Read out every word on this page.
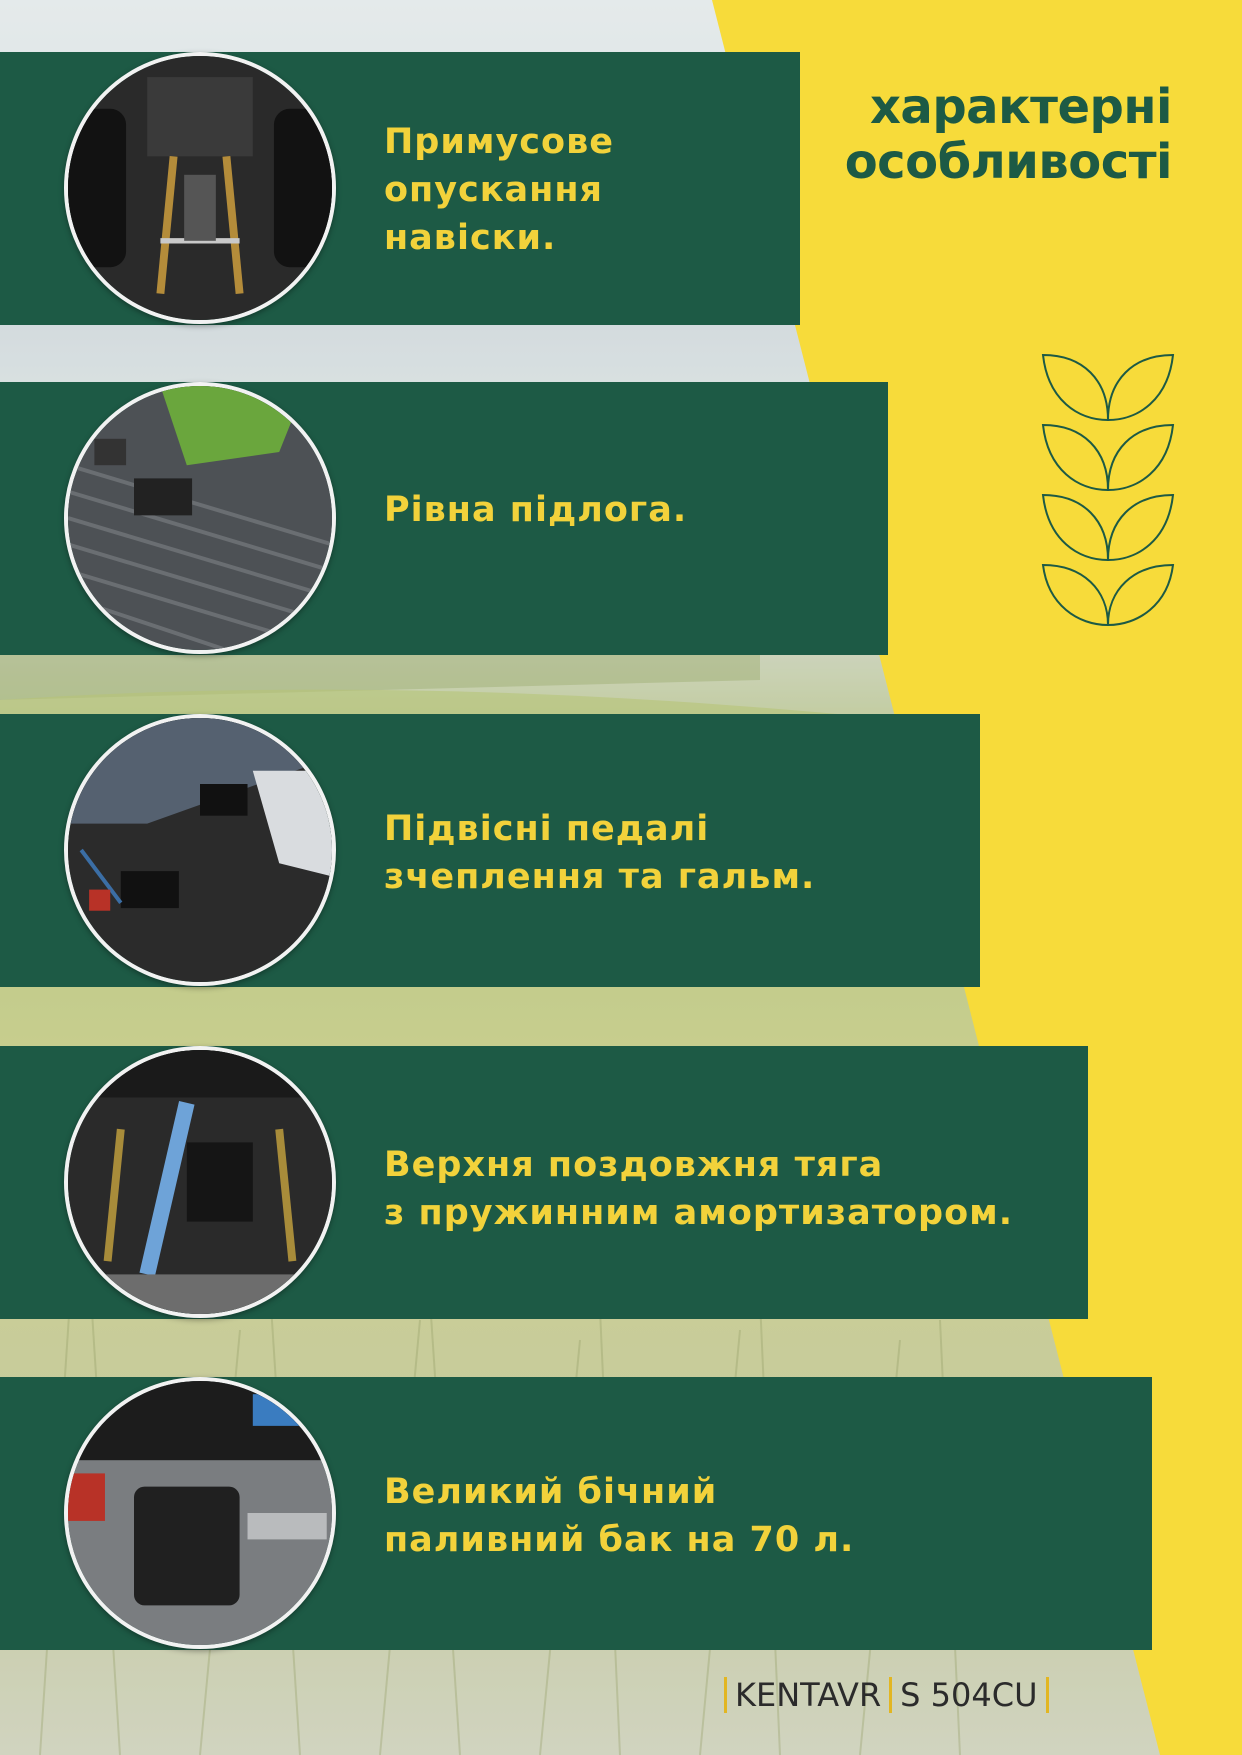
Примусове
опускання
навіски.
Рівна підлога.
Підвісні педалі
зчеплення та гальм.
Верхня поздовжня тяга
з пружинним амортизатором.
Великий бічний
паливний бак на 70 л.
характерні
особливості
KENTAVR S 504CU
